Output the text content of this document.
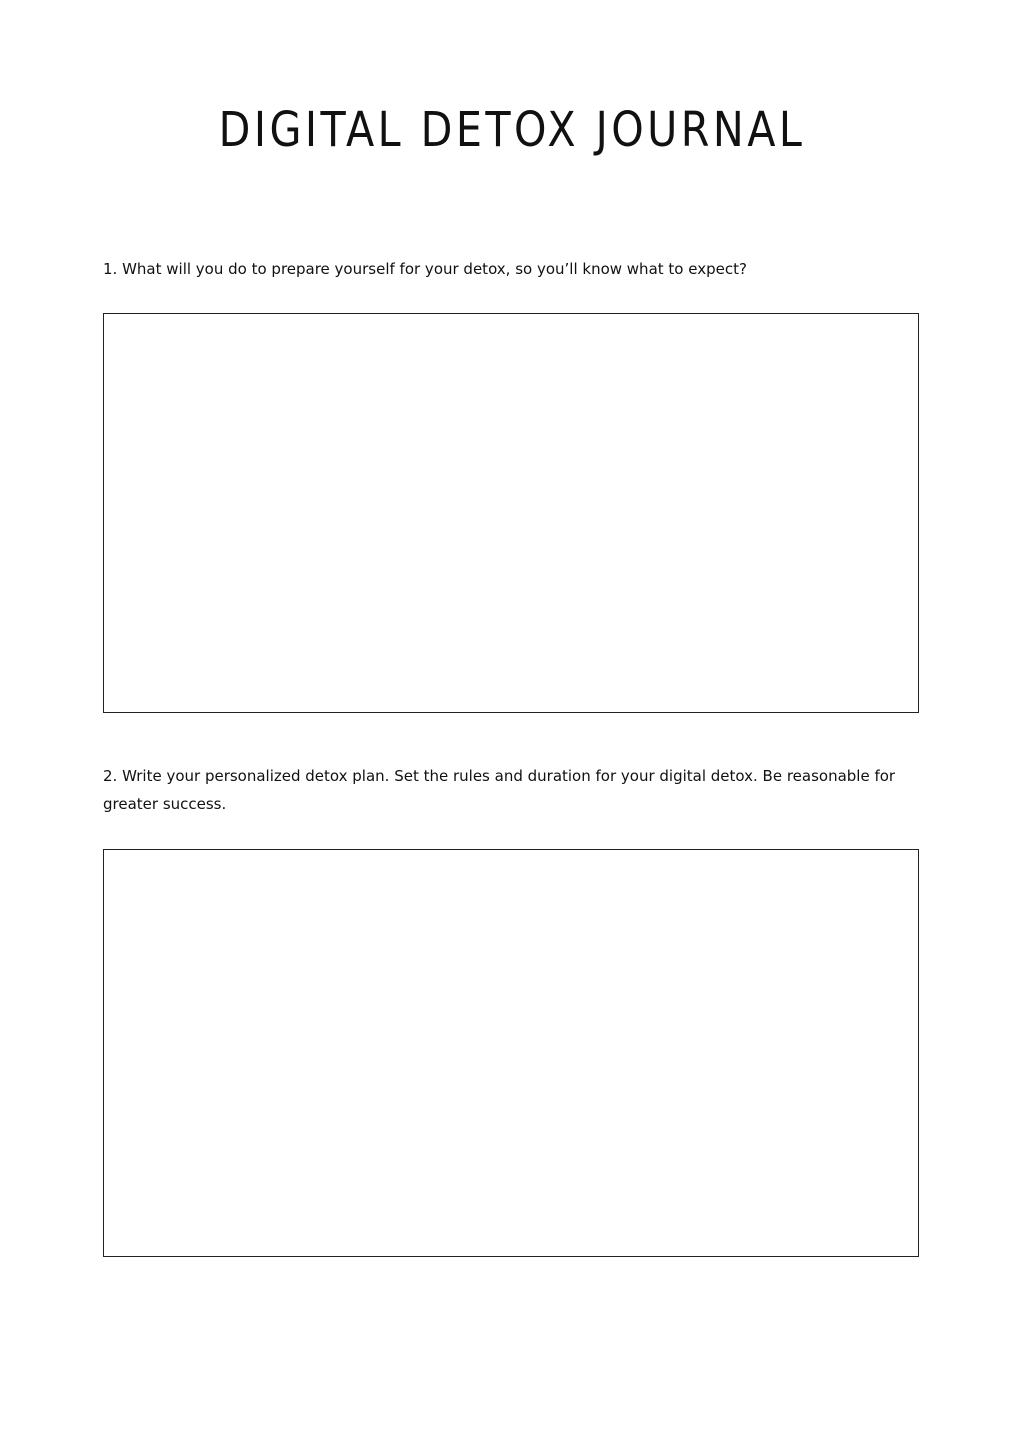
DIGITAL DETOX JOURNAL

1. What will you do to prepare yourself for your detox, so you’ll know what to expect?

2. Write your personalized detox plan. Set the rules and duration for your digital detox. Be reasonable for greater success.
